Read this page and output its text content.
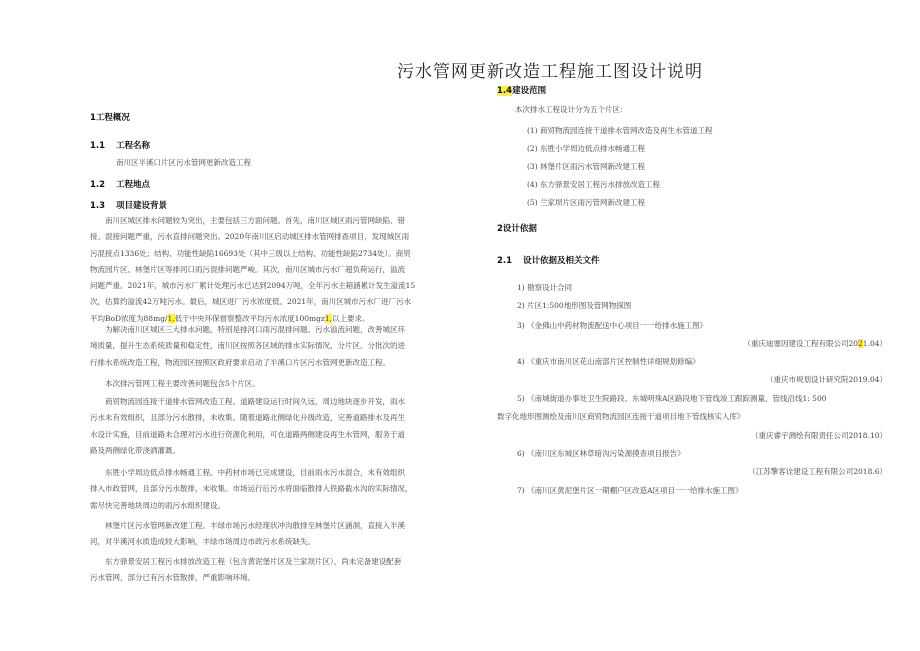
污水管网更新改造工程施工图设计说明
1工程概况
1.1 工程名称
南川区半溪口片区污水管网更新改造工程
1.2 工程地点
1.3 项目建设背景
南川区城区排水问题较为突出，主要包括三方面问题。首先，南川区城区雨污管网缺陷、错
接、混接问题严重，污水直排问题突出。2020年南川区启动城区排水管网排查项目，发现城区雨
污混接点1336处；结构、功能性缺陷16693处（其中三级以上结构、功能性缺陷2734处）。商贸
物流园片区、林堡片区等排河口雨污混排问题严峻。其次，南川区城市污水厂超负荷运行，溢流
问题严重。2021年，城市污水厂累计处理污水已达到2094万吨，全年污水主箱涵累计发生溢流15
次，估算约溢流42万吨污水。最后，城区进厂污水浓度低。2021年，南川区城市污水厂进厂污水
平均BoD浓度为88mg/1,低于中央环保督察整改平均污水浓度100mgz1,以上要求。
为解决南川区城区三大排水问题，特别是排河口雨污混排问题、污水溢流问题，改善城区环
境质量，提升生态系统质量和稳定性，南川区按照各区域的排水实际情况，分片区、分批次的进
行排水系统改造工程，物流园区按照区政府要求启动了半溪口片区污水管网更新改造工程。
本次排污管网工程主要改善问题包含5个片区。
商贸物流园连接干道排水管网改造工程。道路建设运行时间久远，周边地块逐步开发，雨水
污水未有效组织，且部分污水散排，未收集。随着道路北侧绿化升级改造，完善道路排水及再生
水设计实施，目前道路未合理对污水进行资源化利用，可在道路两侧建设再生水管网，服务于道
路及两侧绿化带浇洒灌溉。
东胜小学周边低点排水畅通工程。中药材市场已完成建设，目前雨水污水混合，未有效组织
排入市政管网，且部分污水散排，未收集。市场运行后污水将面临散排入铁路截水沟的实际情况，
需尽快完善地块周边的雨污水组织建设。
林堡片区污水管网新改建工程。丰绿市场污水经现状冲沟散排至林堡片区涵洞，直接入半溪
河，对半溪河水质造成较大影响，丰绿市场周边市政污水系统缺失。
东方驿景安居工程污水排放改造工程（包含黄泥堡片区及兰家坝片区），尚未完备建设配套
污水管网，部分已有污水管散排，严重影响环境。
1.4建设范围
本次排水工程设计分为五个片区：
(1) 商贸物流园连接干道排水管网改造及再生水管道工程
(2) 东胜小学周边低点排水畅通工程
(3) 林堡片区雨污水管网新改建工程
(4) 东方驿景安居工程污水排放改造工程
(5) 兰家坝片区雨污管网新改建工程
2设计依据
2.1 设计依据及相关文件
1) 勘察设计合同
2) 片区1:500地形图及管网物探图
3) 《金佛山中药材物流配送中心项目一一给排水施工图》
（重庆迪塞因建设工程有限公司2021.04）
4) 《重庆市南川区花山南部片区控制性详细规划修编》
（重庆市规划设计研究院2019.04）
5) 《南城街道办事处卫生院路段、东城明珠A区路段地下管线竣工跟踪测量、管线沿线1: 500
数字化地形图测绘及南川区商贸物流园区连接干道项目地下管线核实入库》
（重庆睿宇测绘有限责任公司2018.10）
6) 《南川区东城区林草暗沟污染源摸查项目报告》
（江苏擎客诠建设工程有限公司2018.6）
7) 《南川区黄泥堡片区一期棚户区改造A区项目一一给排水施工图》
